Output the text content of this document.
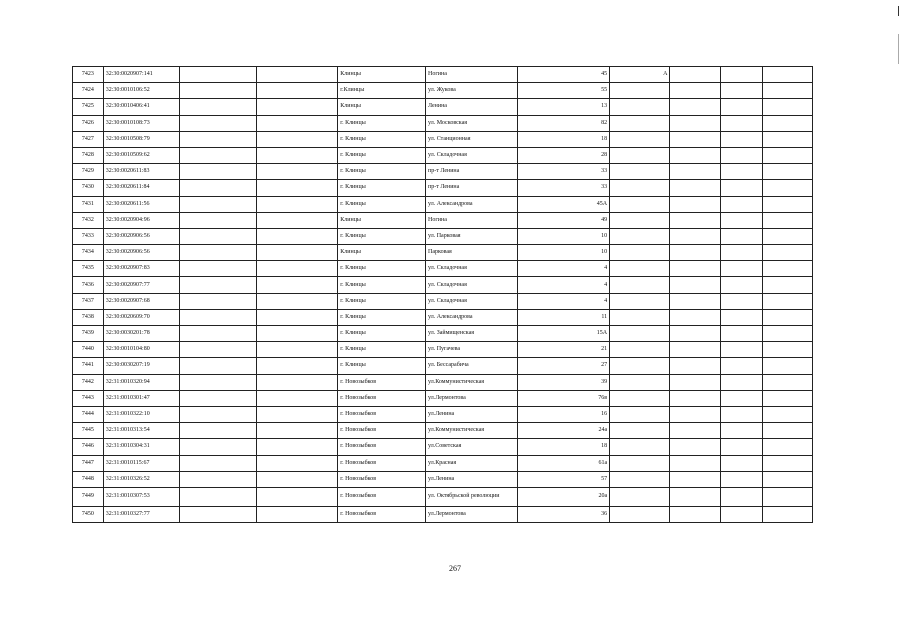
7423	32:30:0020907:141			Клинцы	Ногина	45	А			
7424	32:30:0010106:52			г.Клинцы	ул. Жукова	55				
7425	32:30:0010406:41			Клинцы	Ленина	13				
7426	32:30:0010108:73			г. Клинцы	ул. Московская	82				
7427	32:30:0010508:79			г. Клинцы	ул. Станционная	18				
7428	32:30:0010509:62			г. Клинцы	ул. Складочная	28				
7429	32:30:0020611:83			г. Клинцы	пр-т Ленина	33				
7430	32:30:0020611:84			г. Клинцы	пр-т Ленина	33				
7431	32:30:0020611:56			г. Клинцы	ул. Александрова	45А				
7432	32:30:0020904:96			Клинцы	Ногина	49				
7433	32:30:0020906:56			г. Клинцы	ул. Парковая	10				
7434	32:30:0020906:56			Клинцы	Парковая	10				
7435	32:30:0020907:83			г. Клинцы	ул. Складочная	4				
7436	32:30:0020907:77			г. Клинцы	ул. Складочная	4				
7437	32:30:0020907:68			г. Клинцы	ул. Складочная	4				
7438	32:30:0020609:70			г. Клинцы	ул. Александрова	11				
7439	32:30:0030201:78			г. Клинцы	ул. Займищенская	15А				
7440	32:30:0010104:80			г. Клинцы	ул. Пугачева	21				
7441	32:30:0030207:19			г. Клинцы	ул. Бессарабича	27				
7442	32:31:0010320:94			г. Новозыбков	ул.Коммунистическая	39				
7443	32:31:0010301:47			г. Новозыбков	ул.Лермонтова	76в				
7444	32:31:0010322:10			г. Новозыбков	ул.Ленина	16				
7445	32:31:0010313:54			г. Новозыбков	ул.Коммунистическая	24а				
7446	32:31:0010304:31			г. Новозыбков	ул.Советская	18				
7447	32:31:0010115:67			г. Новозыбков	ул.Красная	61а				
7448	32:31:0010326:52			г. Новозыбков	ул.Ленина	57				
7449	32:31:0010307:53			г. Новозыбков	ул. Октябрьской революции	20а				
7450	32:31:0010327:77			г. Новозыбков	ул.Лермонтова	36				
267
